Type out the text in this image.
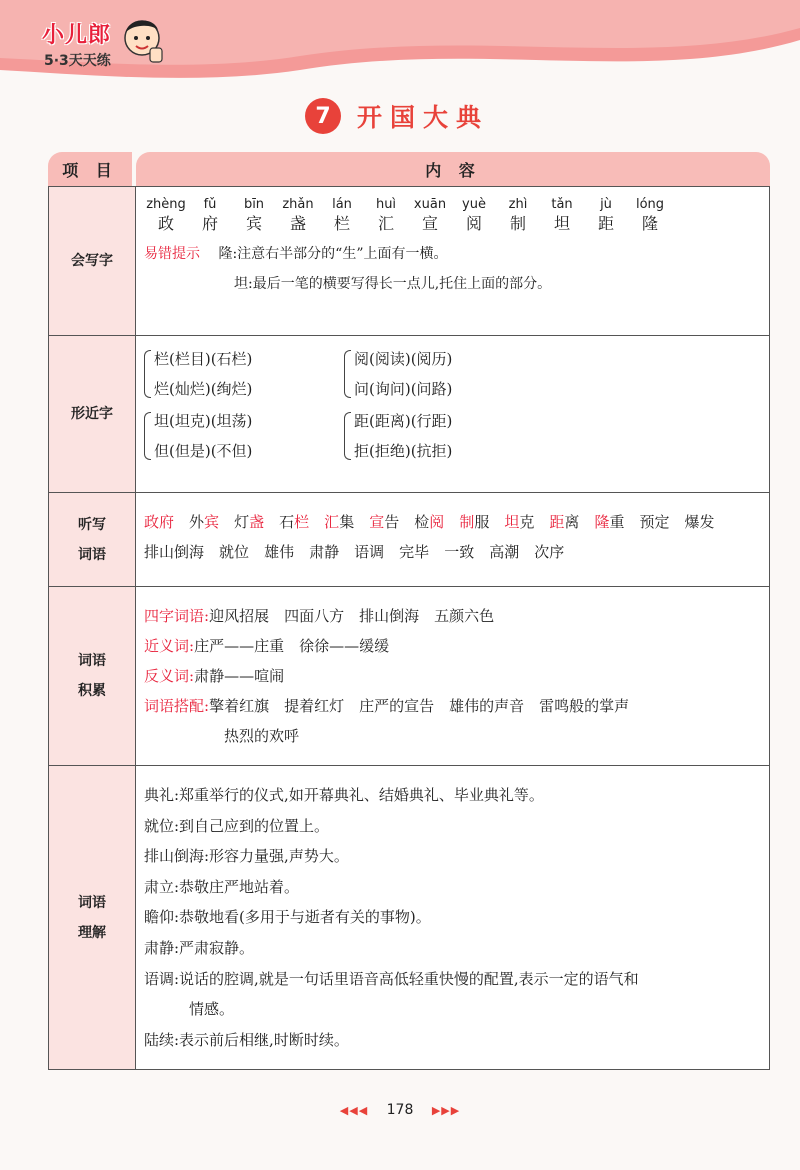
小儿郎
5·3天天练
7	开国大典
项 目	内 容
会写字
zhèng
政
fǔ
府
bīn
宾
zhǎn
盏
lán
栏
huì
汇
xuān
宣
yuè
阅
zhì
制
tǎn
坦
jù
距
lóng
隆
易错提示 隆:注意右半部分的“生”上面有一横。
坦:最后一笔的横要写得长一点儿,托住上面的部分。
形近字
栏(栏目)(石栏)
烂(灿烂)(绚烂)
坦(坦克)(坦荡)
但(但是)(不但)
阅(阅读)(阅历)
问(询问)(问路)
距(距离)(行距)
拒(拒绝)(抗拒)
听写
词语
政府　 外宾　 灯盏　 石栏　 汇集　 宣告　 检阅　 制服　 坦克　 距离　 隆重　 预定　 爆发　排山倒海　 就位　 雄伟　 肃静　 语调　 完毕　 一致　 高潮　 次序
词语
积累
四字词语:迎风招展　四面八方　排山倒海　五颜六色
近义词:庄严——庄重　徐徐——缓缓
反义词:肃静——喧闹
词语搭配:擎着红旗　提着红灯　庄严的宣告　雄伟的声音　雷鸣般的掌声
热烈的欢呼
词语
理解
典礼:郑重举行的仪式,如开幕典礼、结婚典礼、毕业典礼等。
就位:到自己应到的位置上。
排山倒海:形容力量强,声势大。
肃立:恭敬庄严地站着。
瞻仰:恭敬地看(多用于与逝者有关的事物)。
肃静:严肃寂静。
语调:说话的腔调,就是一句话里语音高低轻重快慢的配置,表示一定的语气和
情感。
陆续:表示前后相继,时断时续。
◀◀◀ 178 ▶▶▶
